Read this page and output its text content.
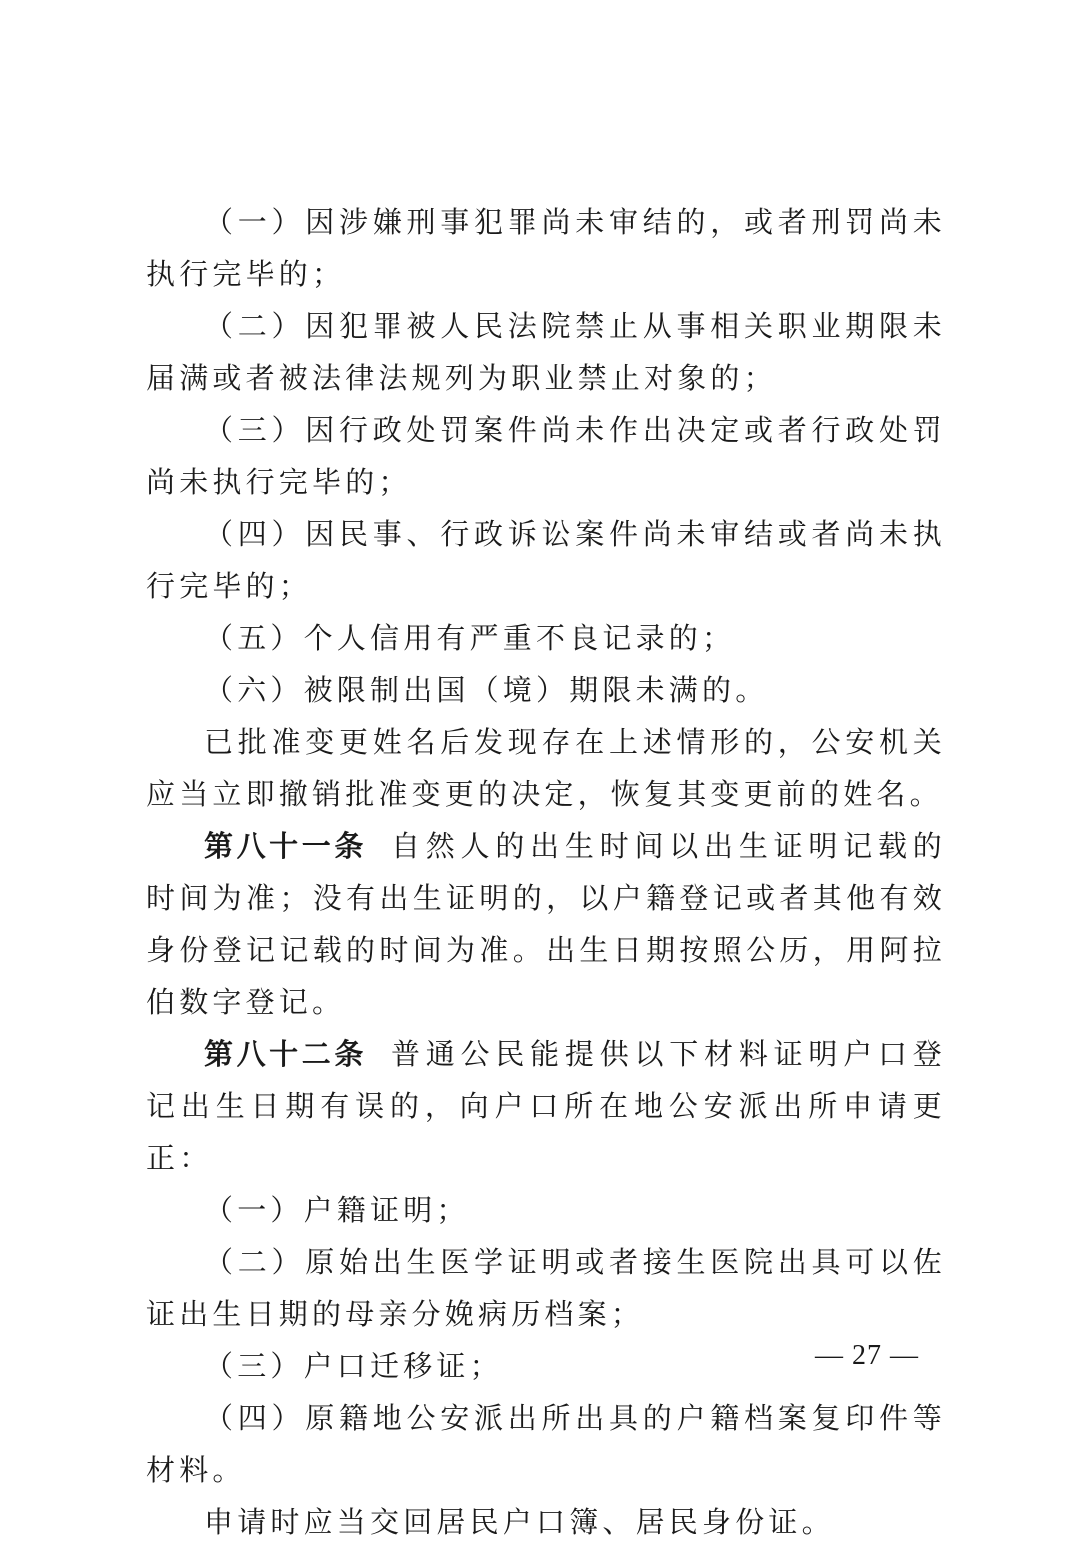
（一）因涉嫌刑事犯罪尚未审结的，或者刑罚尚未执行完毕的；

（二）因犯罪被人民法院禁止从事相关职业期限未届满或者被法律法规列为职业禁止对象的；

（三）因行政处罚案件尚未作出决定或者行政处罚尚未执行完毕的；

（四）因民事、行政诉讼案件尚未审结或者尚未执行完毕的；

（五）个人信用有严重不良记录的；

（六）被限制出国（境）期限未满的。

已批准变更姓名后发现存在上述情形的，公安机关应当立即撤销批准变更的决定，恢复其变更前的姓名。

第八十一条 自然人的出生时间以出生证明记载的时间为准；没有出生证明的，以户籍登记或者其他有效身份登记记载的时间为准。出生日期按照公历，用阿拉伯数字登记。

第八十二条 普通公民能提供以下材料证明户口登记出生日期有误的，向户口所在地公安派出所申请更正：

（一）户籍证明；

（二）原始出生医学证明或者接生医院出具可以佐证出生日期的母亲分娩病历档案；

（三）户口迁移证；

（四）原籍地公安派出所出具的户籍档案复印件等材料。

申请时应当交回居民户口簿、居民身份证。

— 27 —
